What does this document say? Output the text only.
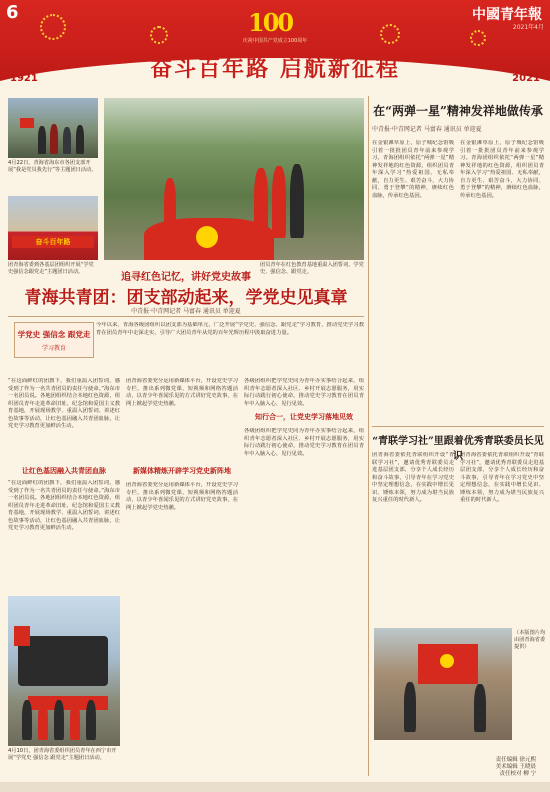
6	中國青年報
2021年4月
100
庆祝中国共产党成立100周年
1921	2021
奋斗百年路 启航新征程
4月22日，青海省海东市各团支部开展“我是党员我先行”等主题团日活动。
奋斗百年路
团青海省委到各基层团组织开展“学党史强信念跟党走”主题团日活动。
团员青年在红色教育基地重温入团誓词，学党史、强信念、跟党走。
追寻红色记忆，讲好党史故事
青海共青团：团支部动起来，学党史见真章
中青报·中青网记者 马富春 通讯员 单迎夏
学党史 强信念 跟党走
学习教育
今年以来，青海各级团组织以团支部为基础单元，广泛开展“学党史、强信念、跟党走”学习教育，推动党史学习教育在团员青年中走深走实，引导广大团员青年从党的百年光辉历程中汲取奋进力量。
“在这面鲜红的团旗下，我们重温入团誓词，感受到了作为一名共青团员的责任与使命。”海东市一名团员说。各地团组织结合本地红色资源，组织团员青年走进革命旧址、纪念馆和爱国主义教育基地，开展现场教学、重温入团誓词、讲述红色故事等活动，让红色基因融入共青团血脉，让党史学习教育更加鲜活生动。
团青海省委充分运用新媒体平台，开设党史学习专栏，推出系列微党课、短视频和网络答题活动，以青少年喜闻乐见的方式讲好党史故事，在网上掀起学党史热潮。
各级团组织把学党史同为青年办实事结合起来，组织青年志愿者深入社区、乡村开展志愿服务，用实际行动践行初心使命，推动党史学习教育在团员青年中入脑入心、见行见效。
让红色基因融入共青团血脉
“在这面鲜红的团旗下，我们重温入团誓词，感受到了作为一名共青团员的责任与使命。”海东市一名团员说。各地团组织结合本地红色资源，组织团员青年走进革命旧址、纪念馆和爱国主义教育基地，开展现场教学、重温入团誓词、讲述红色故事等活动，让红色基因融入共青团血脉，让党史学习教育更加鲜活生动。
新媒体精炼开辟学习党史新阵地
团青海省委充分运用新媒体平台，开设党史学习专栏，推出系列微党课、短视频和网络答题活动，以青少年喜闻乐见的方式讲好党史故事，在网上掀起学党史热潮。
知行合一，让党史学习落地见效
各级团组织把学党史同为青年办实事结合起来，组织青年志愿者深入社区、乡村开展志愿服务，用实际行动践行初心使命，推动党史学习教育在团员青年中入脑入心、见行见效。
4月10日，团青海省委组织团员青年在西宁市开展“学党史 强信念 跟党走”主题团日活动。
在“两弹一星”精神发祥地做传承
中青报·中青网记者 马富春 通讯员 单迎夏
在金银滩草原上，原子城纪念馆吸引着一批批团员青年前来参观学习。青海团组织依托“两弹一星”精神发祥地的红色资源，组织团员青年深入学习“热爱祖国、无私奉献，自力更生、艰苦奋斗，大力协同、勇于登攀”的精神，赓续红色血脉，传承红色基因。
在金银滩草原上，原子城纪念馆吸引着一批批团员青年前来参观学习。青海团组织依托“两弹一星”精神发祥地的红色资源，组织团员青年深入学习“热爱祖国、无私奉献，自力更生、艰苦奋斗，大力协同、勇于登攀”的精神，赓续红色血脉，传承红色基因。
“青联学习社”里跟着优秀青联委员长见识
团青海省委依托青联组织开设“青联学习社”，邀请优秀青联委员走进基层团支部，分享个人成长经历和奋斗故事，引导青年在学习党史中坚定理想信念，在实践中增长见识、锤炼本领，努力成为堪当民族复兴重任的时代新人。
团青海省委依托青联组织开设“青联学习社”，邀请优秀青联委员走进基层团支部，分享个人成长经历和奋斗故事，引导青年在学习党史中坚定理想信念，在实践中增长见识、锤炼本领，努力成为堪当民族复兴重任的时代新人。
（本版图片均由团青海省委提供）
责任编辑 徐元熙
美术编辑 王晓晨
责任校对 柳 宁
